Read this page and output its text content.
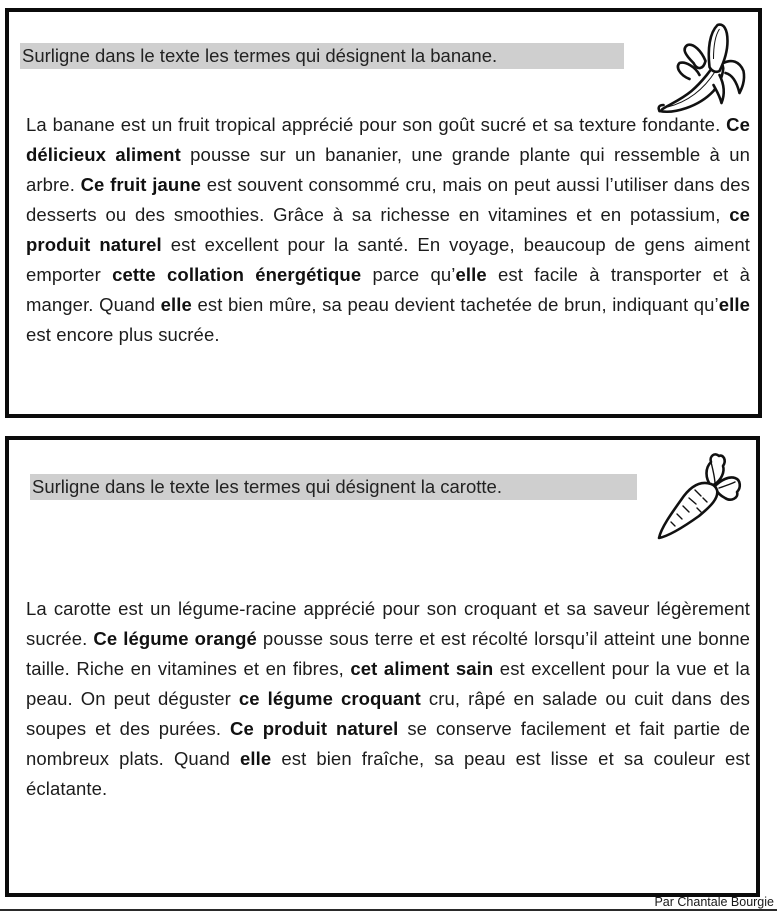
Surligne dans le texte les termes qui désignent la banane.

La banane est un fruit tropical apprécié pour son goût sucré et sa texture fondante. Ce délicieux aliment pousse sur un bananier, une grande plante qui ressemble à un arbre. Ce fruit jaune est souvent consommé cru, mais on peut aussi l’utiliser dans des desserts ou des smoothies. Grâce à sa richesse en vitamines et en potassium, ce produit naturel est excellent pour la santé. En voyage, beaucoup de gens aiment emporter cette collation énergétique parce qu’elle est facile à transporter et à manger. Quand elle est bien mûre, sa peau devient tachetée de brun, indiquant qu’elle est encore plus sucrée.

Surligne dans le texte les termes qui désignent la carotte.

La carotte est un légume-racine apprécié pour son croquant et sa saveur légèrement sucrée. Ce légume orangé pousse sous terre et est récolté lorsqu’il atteint une bonne taille. Riche en vitamines et en fibres, cet aliment sain est excellent pour la vue et la peau. On peut déguster ce légume croquant cru, râpé en salade ou cuit dans des soupes et des purées. Ce produit naturel se conserve facilement et fait partie de nombreux plats. Quand elle est bien fraîche, sa peau est lisse et sa couleur est éclatante.

Par Chantale Bourgie
